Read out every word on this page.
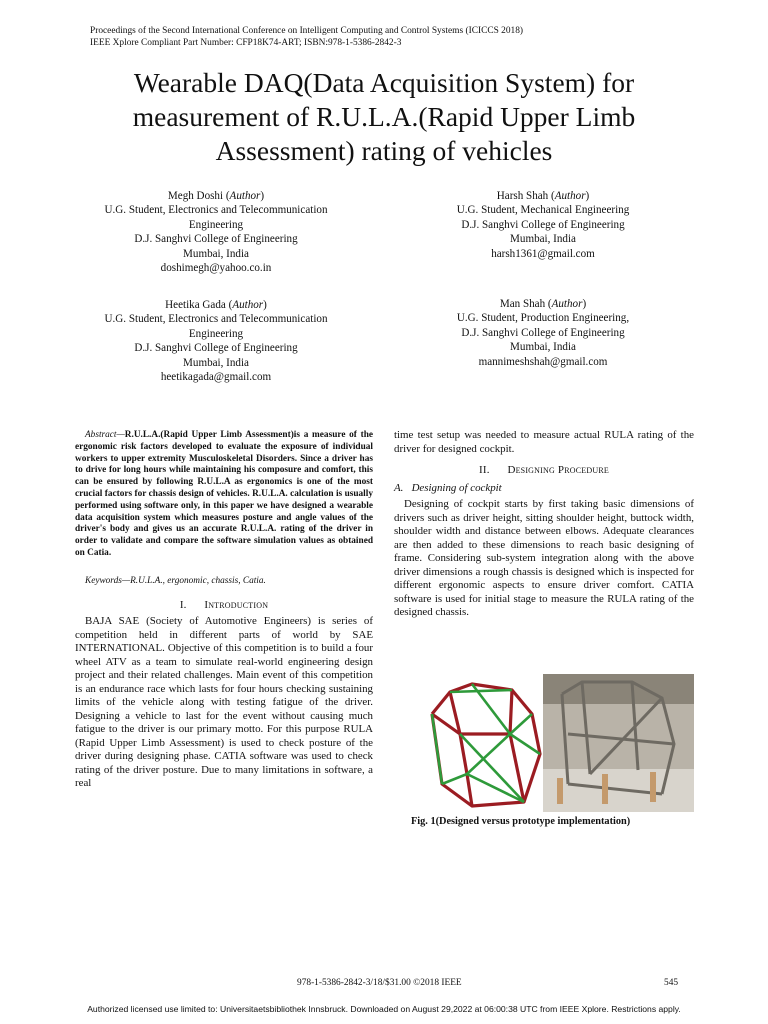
Proceedings of the Second International Conference on Intelligent Computing and Control Systems (ICICCS 2018)
IEEE Xplore Compliant Part Number: CFP18K74-ART; ISBN:978-1-5386-2842-3
Wearable DAQ(Data Acquisition System) for
measurement of R.U.L.A.(Rapid Upper Limb
Assessment) rating of vehicles
Megh Doshi (Author)
U.G. Student, Electronics and Telecommunication
Engineering
D.J. Sanghvi College of Engineering
Mumbai, India
doshimegh@yahoo.co.in
Harsh Shah (Author)
U.G. Student, Mechanical Engineering
D.J. Sanghvi College of Engineering
Mumbai, India
harsh1361@gmail.com
Heetika Gada (Author)
U.G. Student, Electronics and Telecommunication
Engineering
D.J. Sanghvi College of Engineering
Mumbai, India
heetikagada@gmail.com
Man Shah (Author)
U.G. Student, Production Engineering,
D.J. Sanghvi College of Engineering
Mumbai, India
mannimeshshah@gmail.com

Abstract—R.U.L.A.(Rapid Upper Limb Assessment)is a measure of the ergonomic risk factors developed to evaluate the exposure of individual workers to upper extremity Musculoskeletal Disorders. Since a driver has to drive for long hours while maintaining his composure and comfort, this can be ensured by following R.U.L.A as ergonomics is one of the most crucial factors for chassis design of vehicles. R.U.L.A. calculation is usually performed using software only, in this paper we have designed a wearable data acquisition system which measures posture and angle values of the driver's body and gives us an accurate R.U.L.A. rating of the driver in order to validate and compare the software simulation values as obtained on Catia.

Keywords—R.U.L.A., ergonomic, chassis, Catia.

I. Introduction

BAJA SAE (Society of Automotive Engineers) is series of competition held in different parts of world by SAE INTERNATIONAL. Objective of this competition is to build a four wheel ATV as a team to simulate real-world engineering design project and their related challenges. Main event of this competition is an endurance race which lasts for four hours checking sustaining limits of the vehicle along with testing fatigue of the driver. Designing a vehicle to last for the event without causing much fatigue to the driver is our primary motto. For this purpose RULA (Rapid Upper Limb Assessment) is used to check posture of the driver during designing phase. CATIA software was used to check rating of the driver posture. Due to many limitations in software, a real

time test setup was needed to measure actual RULA rating of the driver for designed cockpit.

II. Designing Procedure
A. Designing of cockpit

Designing of cockpit starts by first taking basic dimensions of drivers such as driver height, sitting shoulder height, buttock width, shoulder width and distance between elbows. Adequate clearances are then added to these dimensions to reach basic designing of frame. Considering sub-system integration along with the above driver dimensions a rough chassis is designed which is inspected for different ergonomic aspects to ensure driver comfort. CATIA software is used for initial stage to measure the RULA rating of the designed chassis.

Fig. 1(Designed versus prototype implementation)
978-1-5386-2842-3/18/$31.00 ©2018 IEEE	545
Authorized licensed use limited to: Universitaetsbibliothek Innsbruck. Downloaded on August 29,2022 at 06:00:38 UTC from IEEE Xplore. Restrictions apply.
